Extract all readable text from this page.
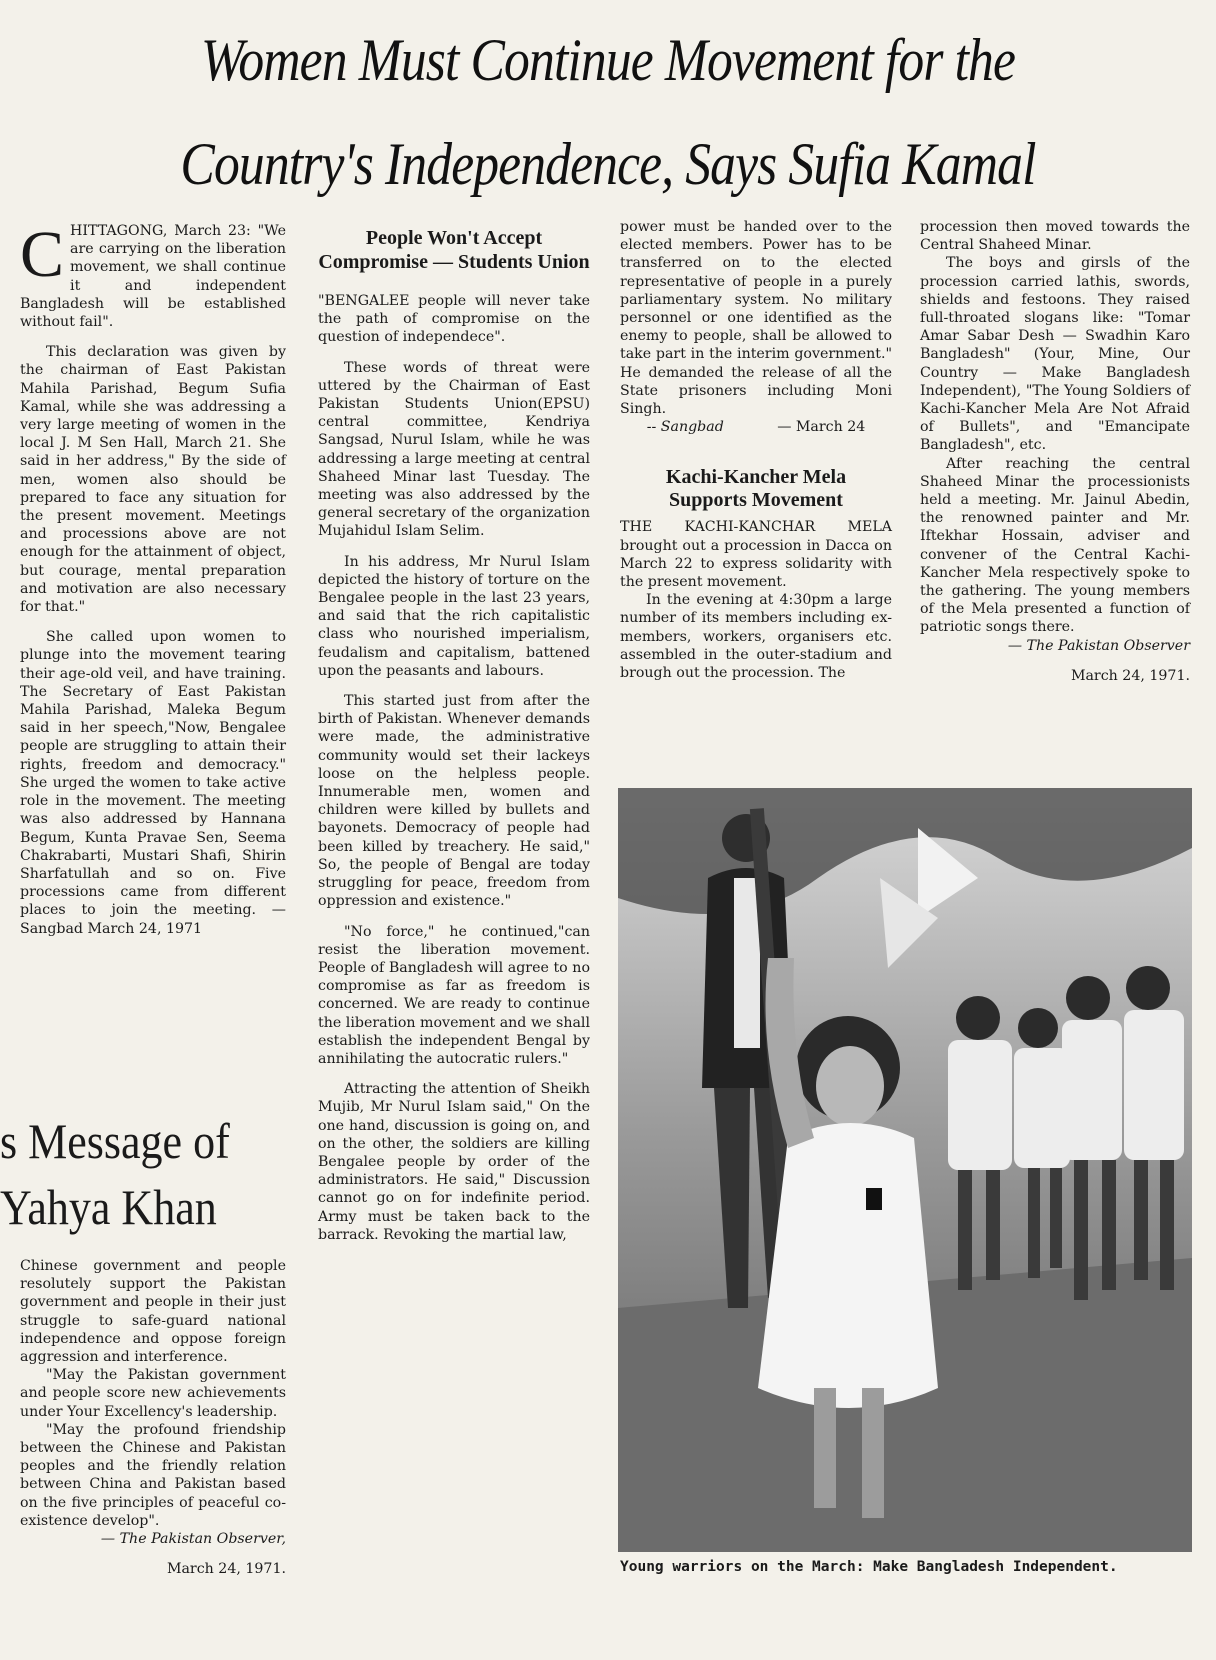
Women Must Continue Movement for the
Country's Independence, Says Sufia Kamal

CHITTAGONG, March 23: "We are carrying on the liberation movement, we shall continue it and independent Bangladesh will be established without fail".

This declaration was given by the chairman of East Pakistan Mahila Parishad, Begum Sufia Kamal, while she was addressing a very large meeting of women in the local J. M Sen Hall, March 21. She said in her address," By the side of men, women also should be prepared to face any situation for the present movement. Meetings and processions above are not enough for the attainment of object, but courage, mental preparation and motivation are also necessary for that."

She called upon women to plunge into the movement tearing their age-old veil, and have training. The Secretary of East Pakistan Mahila Parishad, Maleka Begum said in her speech,"Now, Bengalee people are struggling to attain their rights, freedom and democracy." She urged the women to take active role in the movement. The meeting was also addressed by Hannana Begum, Kunta Pravae Sen, Seema Chakrabarti, Mustari Shafi, Shirin Sharfatullah and so on. Five processions came from different places to join the meeting. — Sangbad March 24, 1971

s Message of
Yahya Khan

Chinese government and people resolutely support the Pakistan government and people in their just struggle to safe-guard national independence and oppose foreign aggression and interference.

"May the Pakistan government and people score new achievements under Your Excellency's leadership.

"May the profound friendship between the Chinese and Pakistan peoples and the friendly relation between China and Pakistan based on the five principles of peaceful co-existence develop".

— The Pakistan Observer,

March 24, 1971.

People Won't Accept Compromise — Students Union

"BENGALEE people will never take the path of compromise on the question of independece".

These words of threat were uttered by the Chairman of East Pakistan Students Union(EPSU) central committee, Kendriya Sangsad, Nurul Islam, while he was addressing a large meeting at central Shaheed Minar last Tuesday. The meeting was also addressed by the general secretary of the organization Mujahidul Islam Selim.

In his address, Mr Nurul Islam depicted the history of torture on the Bengalee people in the last 23 years, and said that the rich capitalistic class who nourished imperialism, feudalism and capitalism, battened upon the peasants and labours.

This started just from after the birth of Pakistan. Whenever demands were made, the administrative community would set their lackeys loose on the helpless people. Innumerable men, women and children were killed by bullets and bayonets. Democracy of people had been killed by treachery. He said," So, the people of Bengal are today struggling for peace, freedom from oppression and existence."

"No force," he continued,"can resist the liberation movement. People of Bangladesh will agree to no compromise as far as freedom is concerned. We are ready to continue the liberation movement and we shall establish the independent Bengal by annihilating the autocratic rulers."

Attracting the attention of Sheikh Mujib, Mr Nurul Islam said," On the one hand, discussion is going on, and on the other, the soldiers are killing Bengalee people by order of the administrators. He said," Discussion cannot go on for indefinite period. Army must be taken back to the barrack. Revoking the martial law,

power must be handed over to the elected members. Power has to be transferred on to the elected representative of people in a purely parliamentary system. No military personnel or one identified as the enemy to people, shall be allowed to take part in the interim government." He demanded the release of all the State prisoners including Moni Singh.

-- Sangbad	— March 24
Kachi-Kancher Mela
Supports Movement

THE KACHI-KANCHAR MELA brought out a procession in Dacca on March 22 to express solidarity with the present movement.

In the evening at 4:30pm a large number of its members including ex-members, workers, organisers etc. assembled in the outer-stadium and brough out the procession. The

procession then moved towards the Central Shaheed Minar.

The boys and girsls of the procession carried lathis, swords, shields and festoons. They raised full-throated slogans like: "Tomar Amar Sabar Desh — Swadhin Karo Bangladesh" (Your, Mine, Our Country — Make Bangladesh Independent), "The Young Soldiers of Kachi-Kancher Mela Are Not Afraid of Bullets", and "Emancipate Bangladesh", etc.

After reaching the central Shaheed Minar the processionists held a meeting. Mr. Jainul Abedin, the renowned painter and Mr. Iftekhar Hossain, adviser and convener of the Central Kachi-Kancher Mela respectively spoke to the gathering. The young members of the Mela presented a function of patriotic songs there.

— The Pakistan Observer

March 24, 1971.

Young warriors on the March: Make Bangladesh Independent.
